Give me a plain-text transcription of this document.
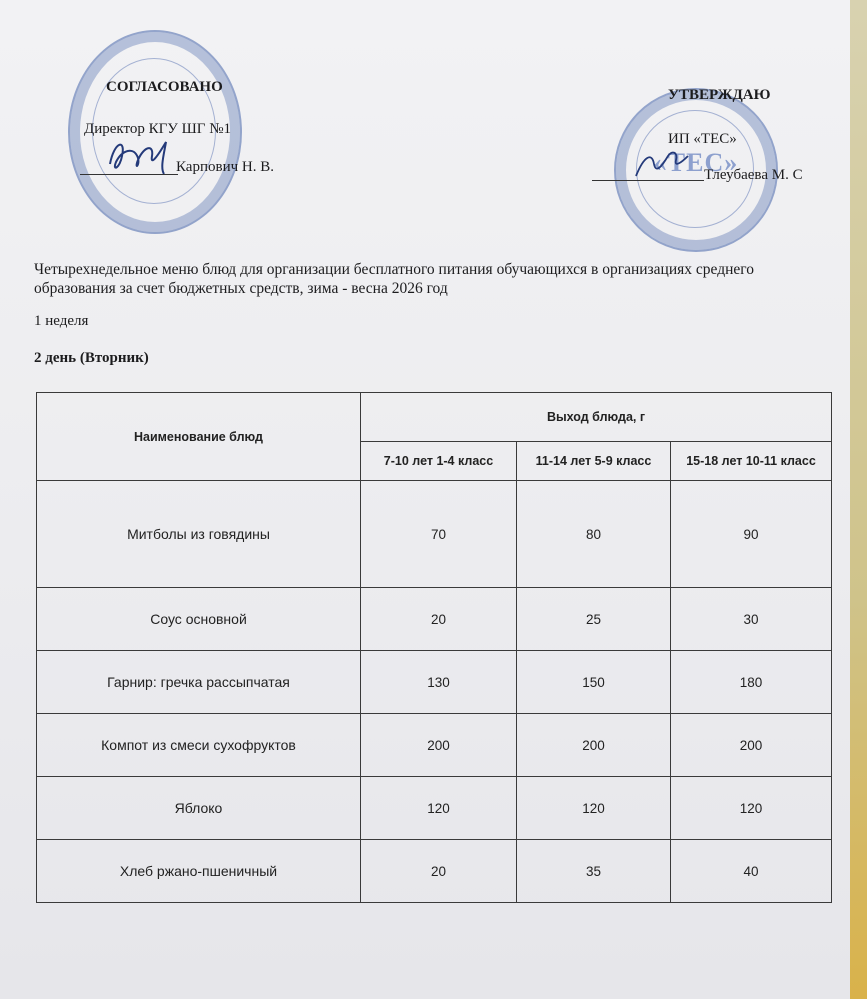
СОГЛАСОВАНО
Директор КГУ ШГ №1
Карпович Н. В.	«ТЕС»
УТВЕРЖДАЮ
ИП «ТЕС»
Тлеубаева М. С
Четырехнедельное меню блюд для организации бесплатного питания обучающихся в организациях среднего образования за счет бюджетных средств, зима - весна 2026 год
1 неделя
2 день (Вторник)
Наименование блюд	Выход блюда, г		
	7-10 лет 1-4 класс	11-14 лет 5-9 класс	15-18 лет 10-11 класс
Митболы из говядины	70	80	90
Соус основной	20	25	30
Гарнир: гречка рассыпчатая	130	150	180
Компот из смеси сухофруктов	200	200	200
Яблоко	120	120	120
Хлеб ржано-пшеничный	20	35	40
